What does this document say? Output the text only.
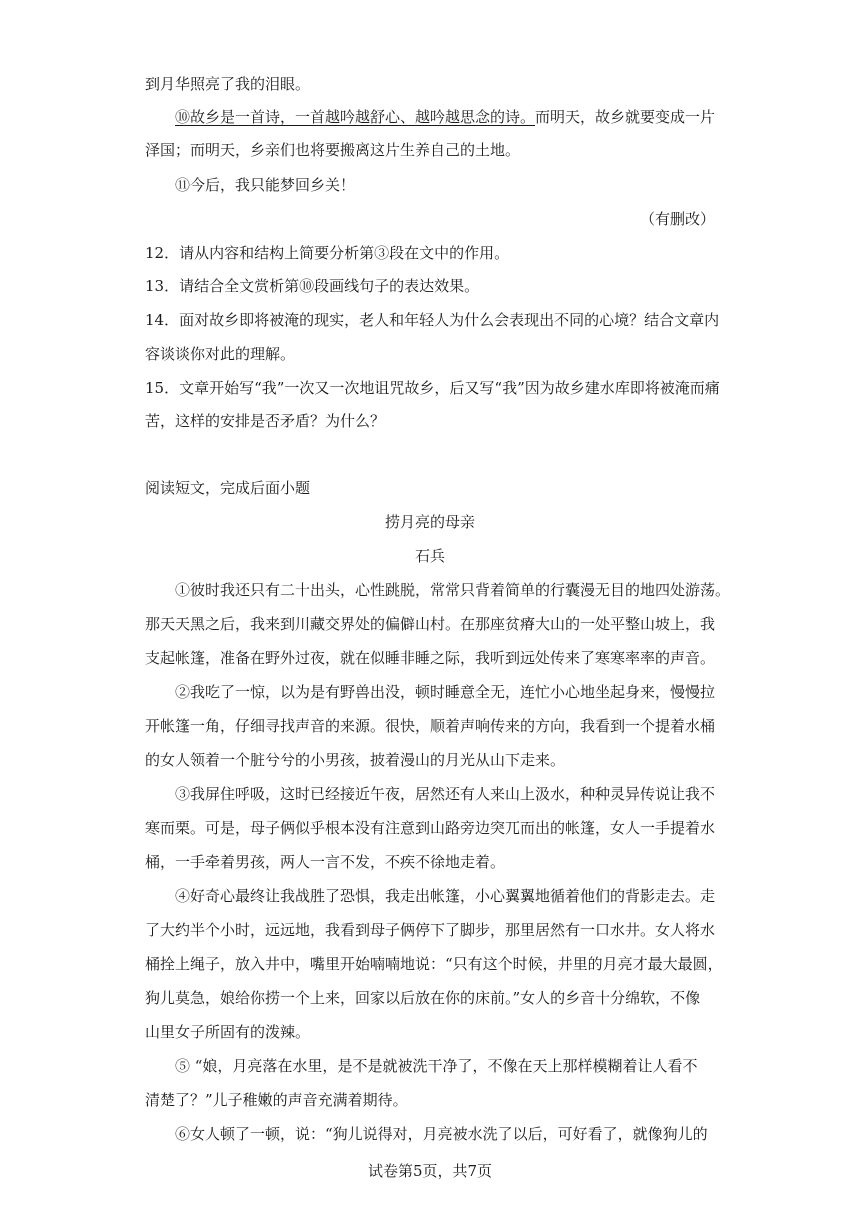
到月华照亮了我的泪眼。
⑩故乡是一首诗，一首越吟越舒心、越吟越思念的诗。而明天，故乡就要变成一片
泽国；而明天，乡亲们也将要搬离这片生养自己的土地。
⑪今后，我只能梦回乡关！
（有删改）
12．请从内容和结构上简要分析第③段在文中的作用。
13．请结合全文赏析第⑩段画线句子的表达效果。
14．面对故乡即将被淹的现实，老人和年轻人为什么会表现出不同的心境？结合文章内
容谈谈你对此的理解。
15．文章开始写“我”一次又一次地诅咒故乡，后又写“我”因为故乡建水库即将被淹而痛
苦，这样的安排是否矛盾？为什么？
阅读短文，完成后面小题
捞月亮的母亲
石兵
①彼时我还只有二十出头，心性跳脱，常常只背着简单的行囊漫无目的地四处游荡。
那天天黑之后，我来到川藏交界处的偏僻山村。在那座贫瘠大山的一处平整山坡上，我
支起帐篷，准备在野外过夜，就在似睡非睡之际，我听到远处传来了寒寒率率的声音。
②我吃了一惊，以为是有野兽出没，顿时睡意全无，连忙小心地坐起身来，慢慢拉
开帐篷一角，仔细寻找声音的来源。很快，顺着声响传来的方向，我看到一个提着水桶
的女人领着一个脏兮兮的小男孩，披着漫山的月光从山下走来。
③我屏住呼吸，这时已经接近午夜，居然还有人来山上汲水，种种灵异传说让我不
寒而栗。可是，母子俩似乎根本没有注意到山路旁边突兀而出的帐篷，女人一手提着水
桶，一手牵着男孩，两人一言不发，不疾不徐地走着。
④好奇心最终让我战胜了恐惧，我走出帐篷，小心翼翼地循着他们的背影走去。走
了大约半个小时，远远地，我看到母子俩停下了脚步，那里居然有一口水井。女人将水
桶拴上绳子，放入井中，嘴里开始喃喃地说：“只有这个时候，井里的月亮才最大最圆，
狗儿莫急，娘给你捞一个上来，回家以后放在你的床前。”女人的乡音十分绵软，不像
山里女子所固有的泼辣。
⑤ “娘，月亮落在水里，是不是就被洗干净了，不像在天上那样模糊着让人看不
清楚了？”儿子稚嫩的声音充满着期待。
⑥女人顿了一顿，说：“狗儿说得对，月亮被水洗了以后，可好看了，就像狗儿的
试卷第5页，共7页
